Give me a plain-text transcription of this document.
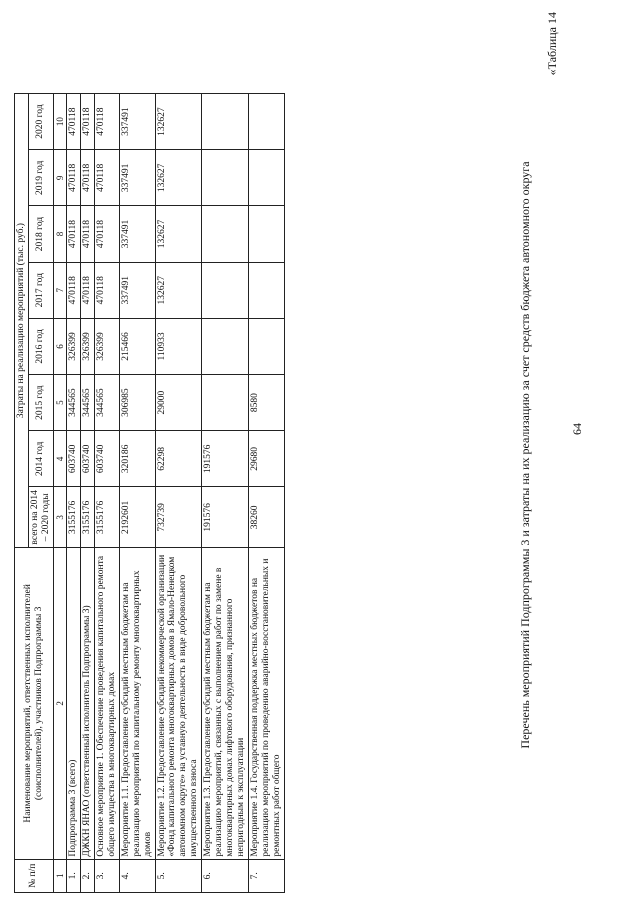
64
«Таблица 14
Перечень мероприятий Подпрограммы 3 и затраты на их реализацию за счет средств бюджета автономного округа
№ п/п	Наименование мероприятий, ответственных исполнителей (соисполнителей), участников Подпрограммы 3	Затраты на реализацию мероприятий (тыс. руб.)							
		всего на 2014 – 2020 годы	2014 год	2015 год	2016 год	2017 год	2018 год	2019 год	2020 год
1	2	3	4	5	6	7	8	9	10
1.	Подпрограмма 3 (всего)	3155176	603740	344565	326399	470118	470118	470118	470118
2.	ДЖКН ЯНАО (ответственный исполнитель Подпрограммы 3)	3155176	603740	344565	326399	470118	470118	470118	470118
3.	Основное мероприятие 1. Обеспечение проведения капитального ремонта общего имущества в многоквартирных домах	3155176	603740	344565	326399	470118	470118	470118	470118
4.	Мероприятие 1.1. Предоставление субсидий местным бюджетам на реализацию мероприятий по капитальному ремонту многоквартирных домов	2192601	320186	306985	215466	337491	337491	337491	337491
5.	Мероприятие 1.2. Предоставление субсидий некоммерческой организации «Фонд капитального ремонта многоквартирных домов в Ямало-Ненецком автономном округе» на уставную деятельность в виде добровольного имущественного взноса	732739	62298	29000	110933	132627	132627	132627	132627
6.	Мероприятие 1.3. Предоставление субсидий местным бюджетам на реализацию мероприятий, связанных с выполнением работ по замене в многоквартирных домах лифтового оборудования, признанного непригодным к эксплуатации	191576	191576						
7.	Мероприятие 1.4. Государственная поддержка местных бюджетов на реализацию мероприятий по проведению аварийно-восстановительных и ремонтных работ общего	38260	29680	8580					
